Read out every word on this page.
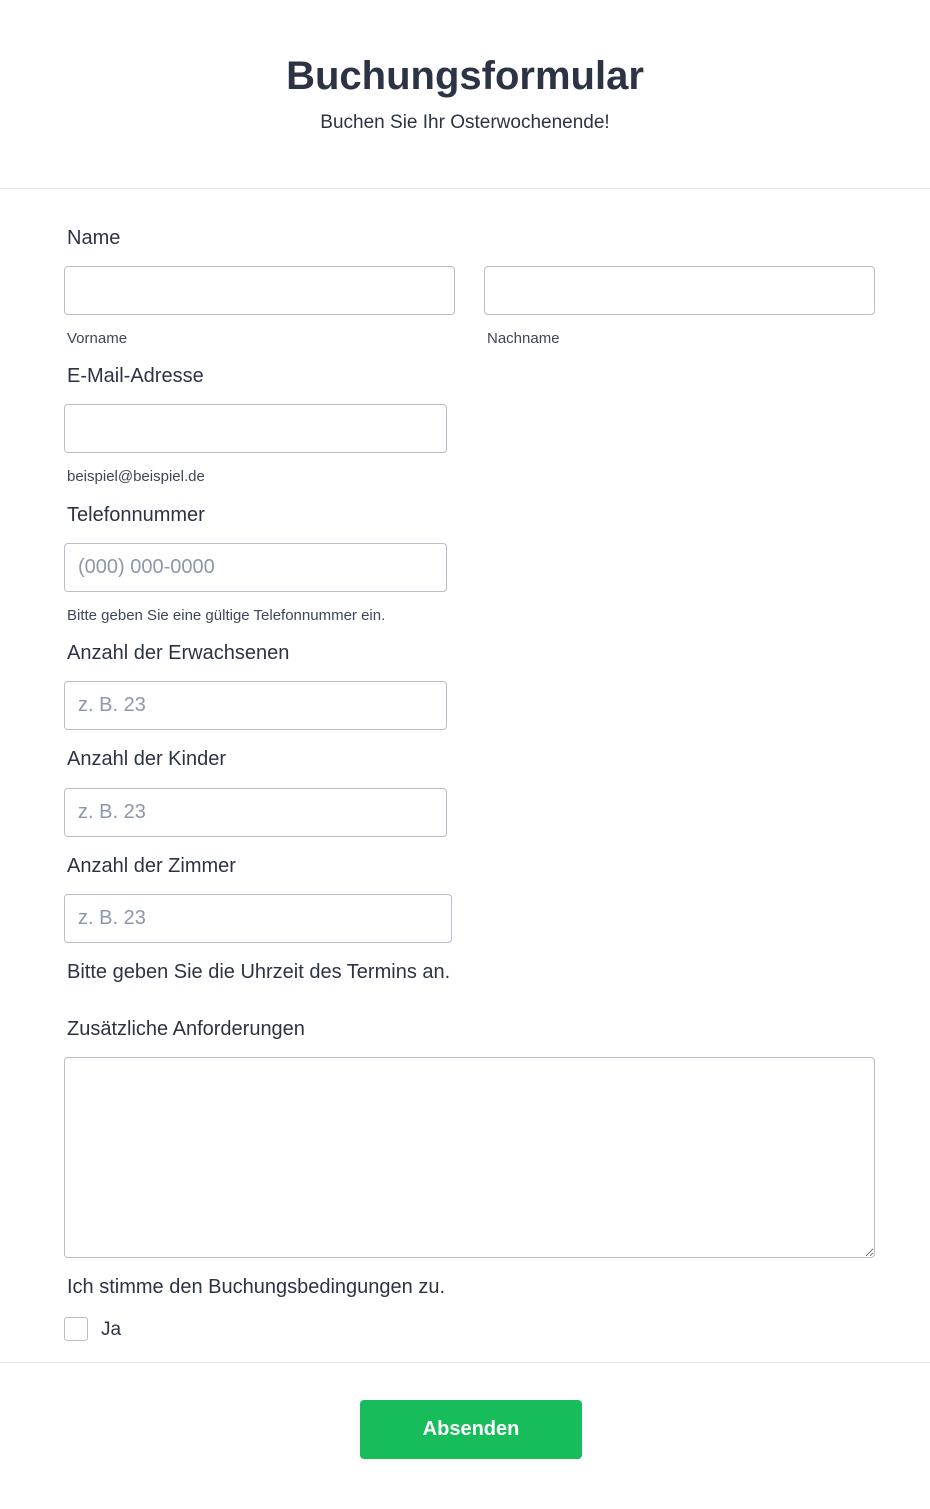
Buchungsformular
Buchen Sie Ihr Osterwochenende!
Name
Vorname	Nachname
E-Mail-Adresse
beispiel@beispiel.de
Telefonnummer
(000) 000-0000
Bitte geben Sie eine gültige Telefonnummer ein.
Anzahl der Erwachsenen
z. B. 23
Anzahl der Kinder
z. B. 23
Anzahl der Zimmer
z. B. 23
Bitte geben Sie die Uhrzeit des Termins an.
Zusätzliche Anforderungen
Ich stimme den Buchungsbedingungen zu.
Ja
Absenden
